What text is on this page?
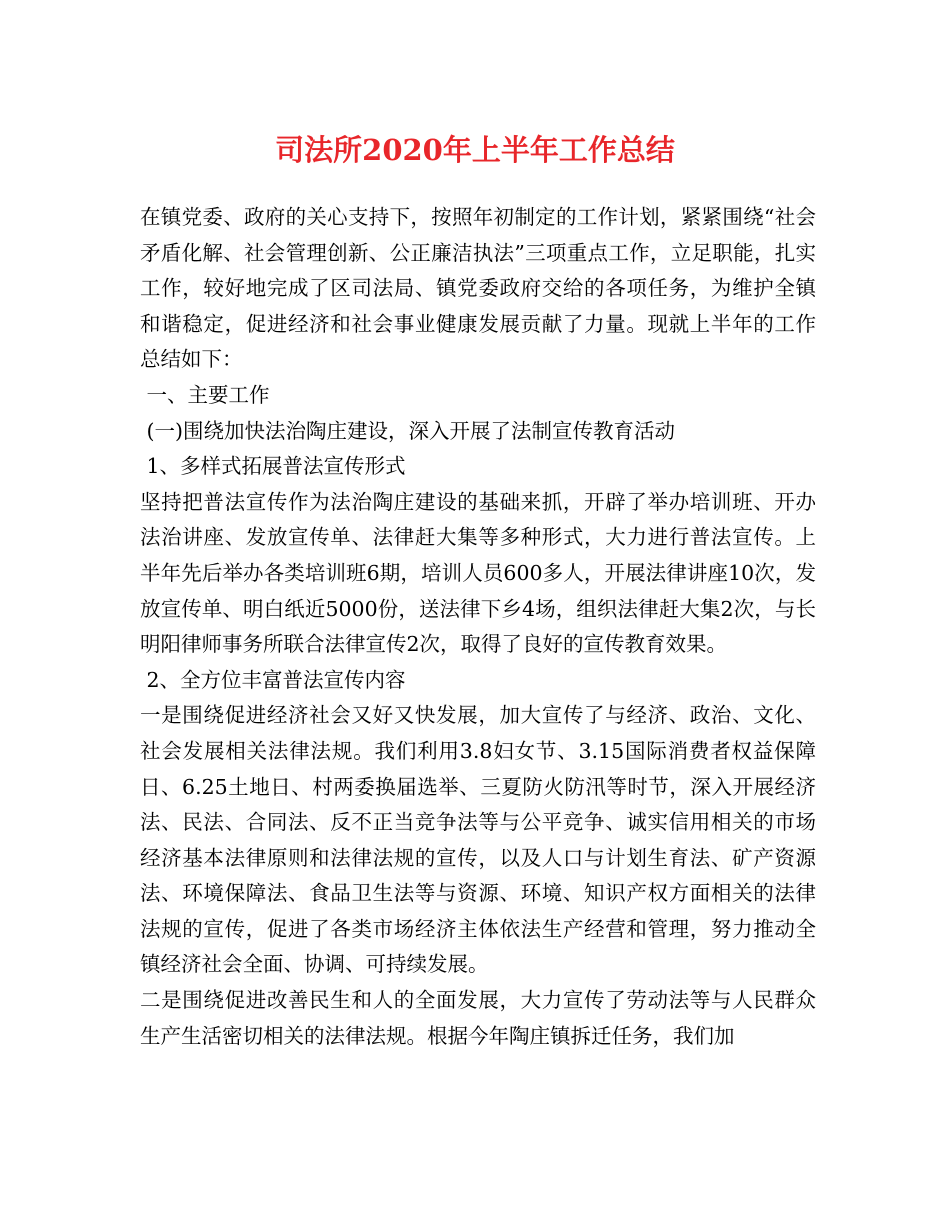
司法所2020年上半年工作总结

在镇党委、政府的关心支持下，按照年初制定的工作计划，紧紧围绕“社会矛盾化解、社会管理创新、公正廉洁执法”三项重点工作，立足职能，扎实工作，较好地完成了区司法局、镇党委政府交给的各项任务，为维护全镇和谐稳定，促进经济和社会事业健康发展贡献了力量。现就上半年的工作总结如下：

一、主要工作

(一)围绕加快法治陶庄建设，深入开展了法制宣传教育活动

1、多样式拓展普法宣传形式

坚持把普法宣传作为法治陶庄建设的基础来抓，开辟了举办培训班、开办法治讲座、发放宣传单、法律赶大集等多种形式，大力进行普法宣传。上半年先后举办各类培训班6期，培训人员600多人，开展法律讲座10次，发放宣传单、明白纸近5000份，送法律下乡4场，组织法律赶大集2次，与长明阳律师事务所联合法律宣传2次，取得了良好的宣传教育效果。

2、全方位丰富普法宣传内容

一是围绕促进经济社会又好又快发展，加大宣传了与经济、政治、文化、社会发展相关法律法规。我们利用3.8妇女节、3.15国际消费者权益保障日、6.25土地日、村两委换届选举、三夏防火防汛等时节，深入开展经济法、民法、合同法、反不正当竞争法等与公平竞争、诚实信用相关的市场经济基本法律原则和法律法规的宣传，以及人口与计划生育法、矿产资源法、环境保障法、食品卫生法等与资源、环境、知识产权方面相关的法律法规的宣传，促进了各类市场经济主体依法生产经营和管理，努力推动全镇经济社会全面、协调、可持续发展。

二是围绕促进改善民生和人的全面发展，大力宣传了劳动法等与人民群众生产生活密切相关的法律法规。根据今年陶庄镇拆迁任务，我们加
